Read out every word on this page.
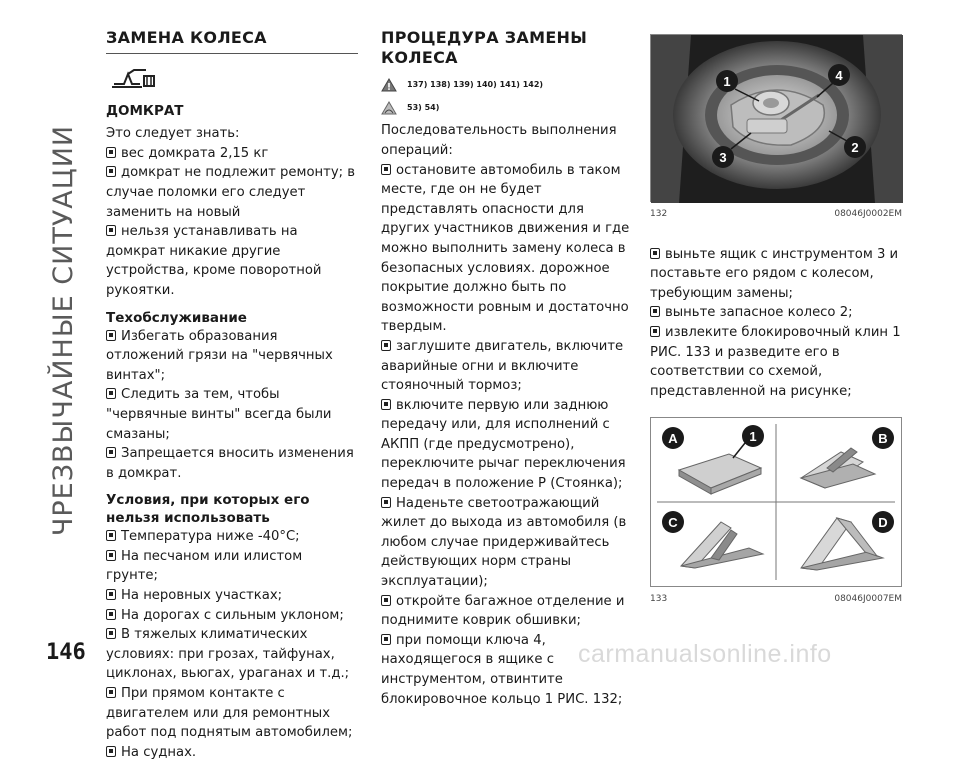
ЧРЕЗВЫЧАЙНЫЕ СИТУАЦИИ
146	carmanualsonline.info
ЗАМЕНА КОЛЕСА
ДОМКРАТ

Это следует знать:

вес домкрата 2,15 кг

домкрат не подлежит ремонту; в случае поломки его следует заменить на новый

нельзя устанавливать на домкрат никакие другие устройства, кроме поворотной рукоятки.

Техобслуживание

Избегать образования отложений грязи на "червячных винтах";

Следить за тем, чтобы "червячные винты" всегда были смазаны;

Запрещается вносить изменения в домкрат.

Условия, при которых его нельзя использовать

Температура ниже -40°C;

На песчаном или илистом грунте;

На неровных участках;

На дорогах с сильным уклоном;

В тяжелых климатических условиях: при грозах, тайфунах, циклонах, вьюгах, ураганах и т.д.;

При прямом контакте с двигателем или для ремонтных работ под поднятым автомобилем;

На суднах.

ПРОЦЕДУРА ЗАМЕНЫ КОЛЕСА
137) 138) 139) 140) 141) 142)
53) 54)

Последовательность выполнения операций:

остановите автомобиль в таком месте, где он не будет представлять опасности для других участников движения и где можно выполнить замену колеса в безопасных условиях. дорожное покрытие должно быть по возможности ровным и достаточно твердым.

заглушите двигатель, включите аварийные огни и включите стояночный тормоз;

включите первую или заднюю передачу или, для исполнений с АКПП (где предусмотрено), переключите рычаг переключения передач в положение P (Стоянка);

Наденьте светоотражающий жилет до выхода из автомобиля (в любом случае придерживайтесь действующих норм страны эксплуатации);

откройте багажное отделение и поднимите коврик обшивки;

при помощи ключа 4, находящегося в ящике с инструментом, отвинтите блокировочное кольцо 1 РИС. 132;

1
2
3
4
132	08046J0002EM

выньте ящик с инструментом 3 и поставьте его рядом с колесом, требующим замены;

выньте запасное колесо 2;

извлеките блокировочный клин 1 РИС. 133 и разведите его в соответствии со схемой, представленной на рисунке;

A	1	B
C	D
133	08046J0007EM
